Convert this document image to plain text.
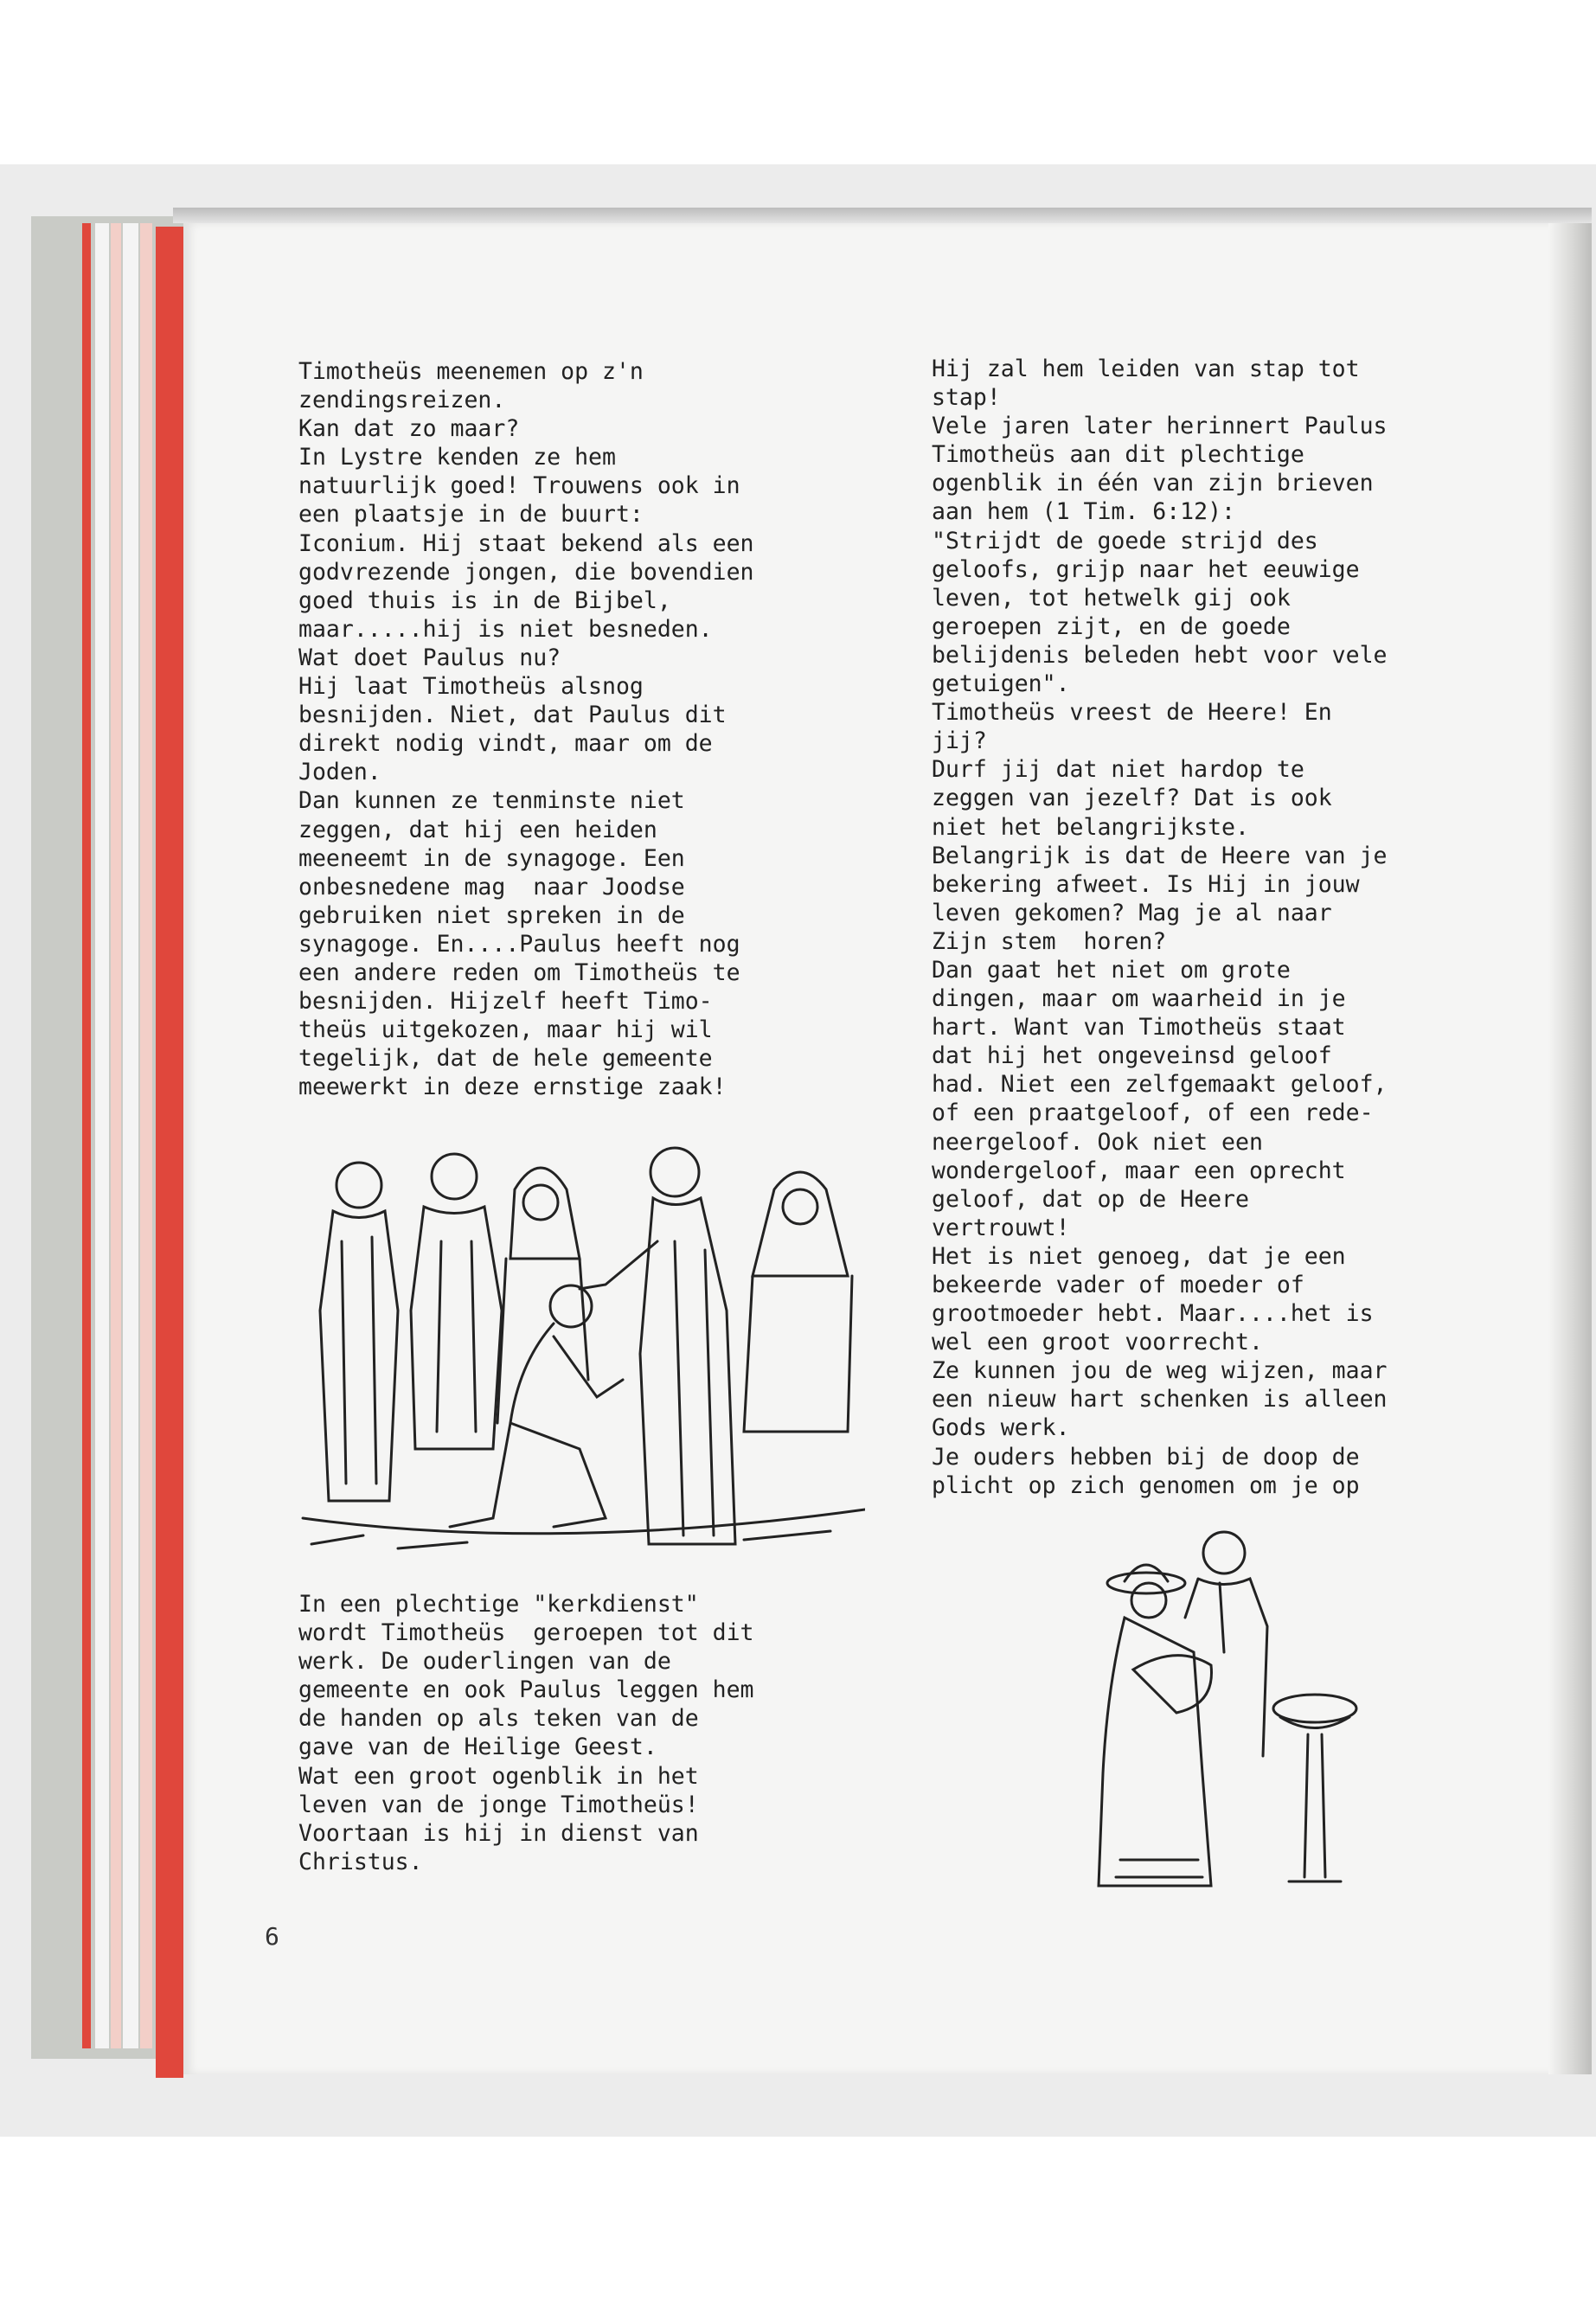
Timotheüs meenemen op z'n
zendingsreizen.
Kan dat zo maar?
In Lystre kenden ze hem
natuurlijk goed! Trouwens ook in
een plaatsje in de buurt:
Iconium. Hij staat bekend als een
godvrezende jongen, die bovendien
goed thuis is in de Bijbel,
maar.....hij is niet besneden.
Wat doet Paulus nu?
Hij laat Timotheüs alsnog
besnijden. Niet, dat Paulus dit
direkt nodig vindt, maar om de
Joden.
Dan kunnen ze tenminste niet
zeggen, dat hij een heiden
meeneemt in de synagoge. Een
onbesnedene mag  naar Joodse
gebruiken niet spreken in de
synagoge. En....Paulus heeft nog
een andere reden om Timotheüs te
besnijden. Hijzelf heeft Timo-
theüs uitgekozen, maar hij wil
tegelijk, dat de hele gemeente
meewerkt in deze ernstige zaak!
In een plechtige "kerkdienst"
wordt Timotheüs  geroepen tot dit
werk. De ouderlingen van de
gemeente en ook Paulus leggen hem
de handen op als teken van de
gave van de Heilige Geest.
Wat een groot ogenblik in het
leven van de jonge Timotheüs!
Voortaan is hij in dienst van
Christus.
Hij zal hem leiden van stap tot
stap!
Vele jaren later herinnert Paulus
Timotheüs aan dit plechtige
ogenblik in één van zijn brieven
aan hem (1 Tim. 6:12):
"Strijdt de goede strijd des
geloofs, grijp naar het eeuwige
leven, tot hetwelk gij ook
geroepen zijt, en de goede
belijdenis beleden hebt voor vele
getuigen".
Timotheüs vreest de Heere! En
jij?
Durf jij dat niet hardop te
zeggen van jezelf? Dat is ook
niet het belangrijkste.
Belangrijk is dat de Heere van je
bekering afweet. Is Hij in jouw
leven gekomen? Mag je al naar
Zijn stem  horen?
Dan gaat het niet om grote
dingen, maar om waarheid in je
hart. Want van Timotheüs staat
dat hij het ongeveinsd geloof
had. Niet een zelfgemaakt geloof,
of een praatgeloof, of een rede-
neergeloof. Ook niet een
wondergeloof, maar een oprecht
geloof, dat op de Heere
vertrouwt!
Het is niet genoeg, dat je een
bekeerde vader of moeder of
grootmoeder hebt. Maar....het is
wel een groot voorrecht.
Ze kunnen jou de weg wijzen, maar
een nieuw hart schenken is alleen
Gods werk.
Je ouders hebben bij de doop de
plicht op zich genomen om je op
6
